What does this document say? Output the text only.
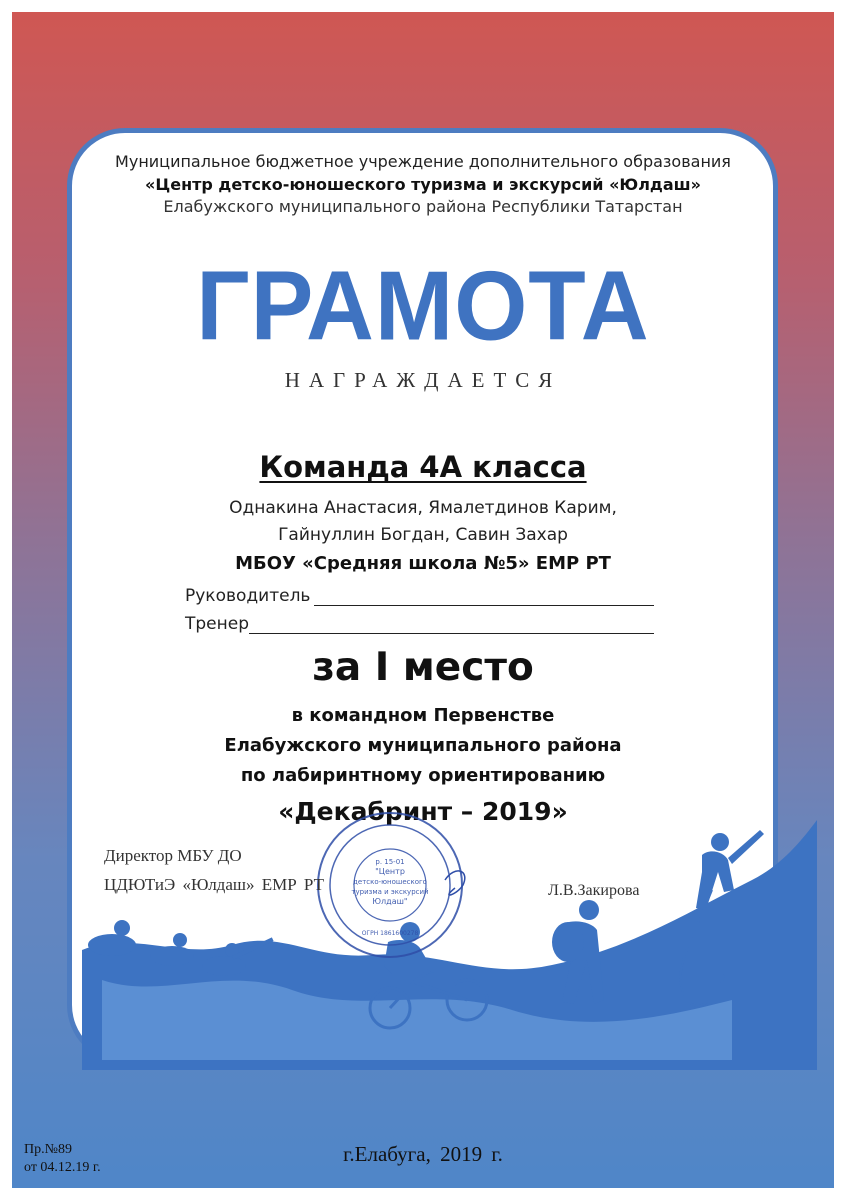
Муниципальное бюджетное учреждение дополнительного образования
«Центр детско-юношеского туризма и экскурсий «Юлдаш»
Елабужского муниципального района Республики Татарстан
ГРАМОТА
НАГРАЖДАЕТСЯ
Команда 4А класса
Однакина Анастасия, Ямалетдинов Карим,
Гайнуллин Богдан, Савин Захар
МБОУ «Средняя школа №5» ЕМР РТ
Руководитель
Тренер
за I место
в командном Первенстве
Елабужского муниципального района
по лабиринтному ориентированию
«Декабринт – 2019»
р. 15-01
"Центр
детско-юношеского
туризма и экскурсий
Юлдаш"
ОГРН 1861600278
Директор МБУ ДО
ЦДЮТиЭ «Юлдаш» ЕМР РТ	Л.В.Закирова
Пр.№89
от 04.12.19 г.
г.Елабуга, 2019 г.
